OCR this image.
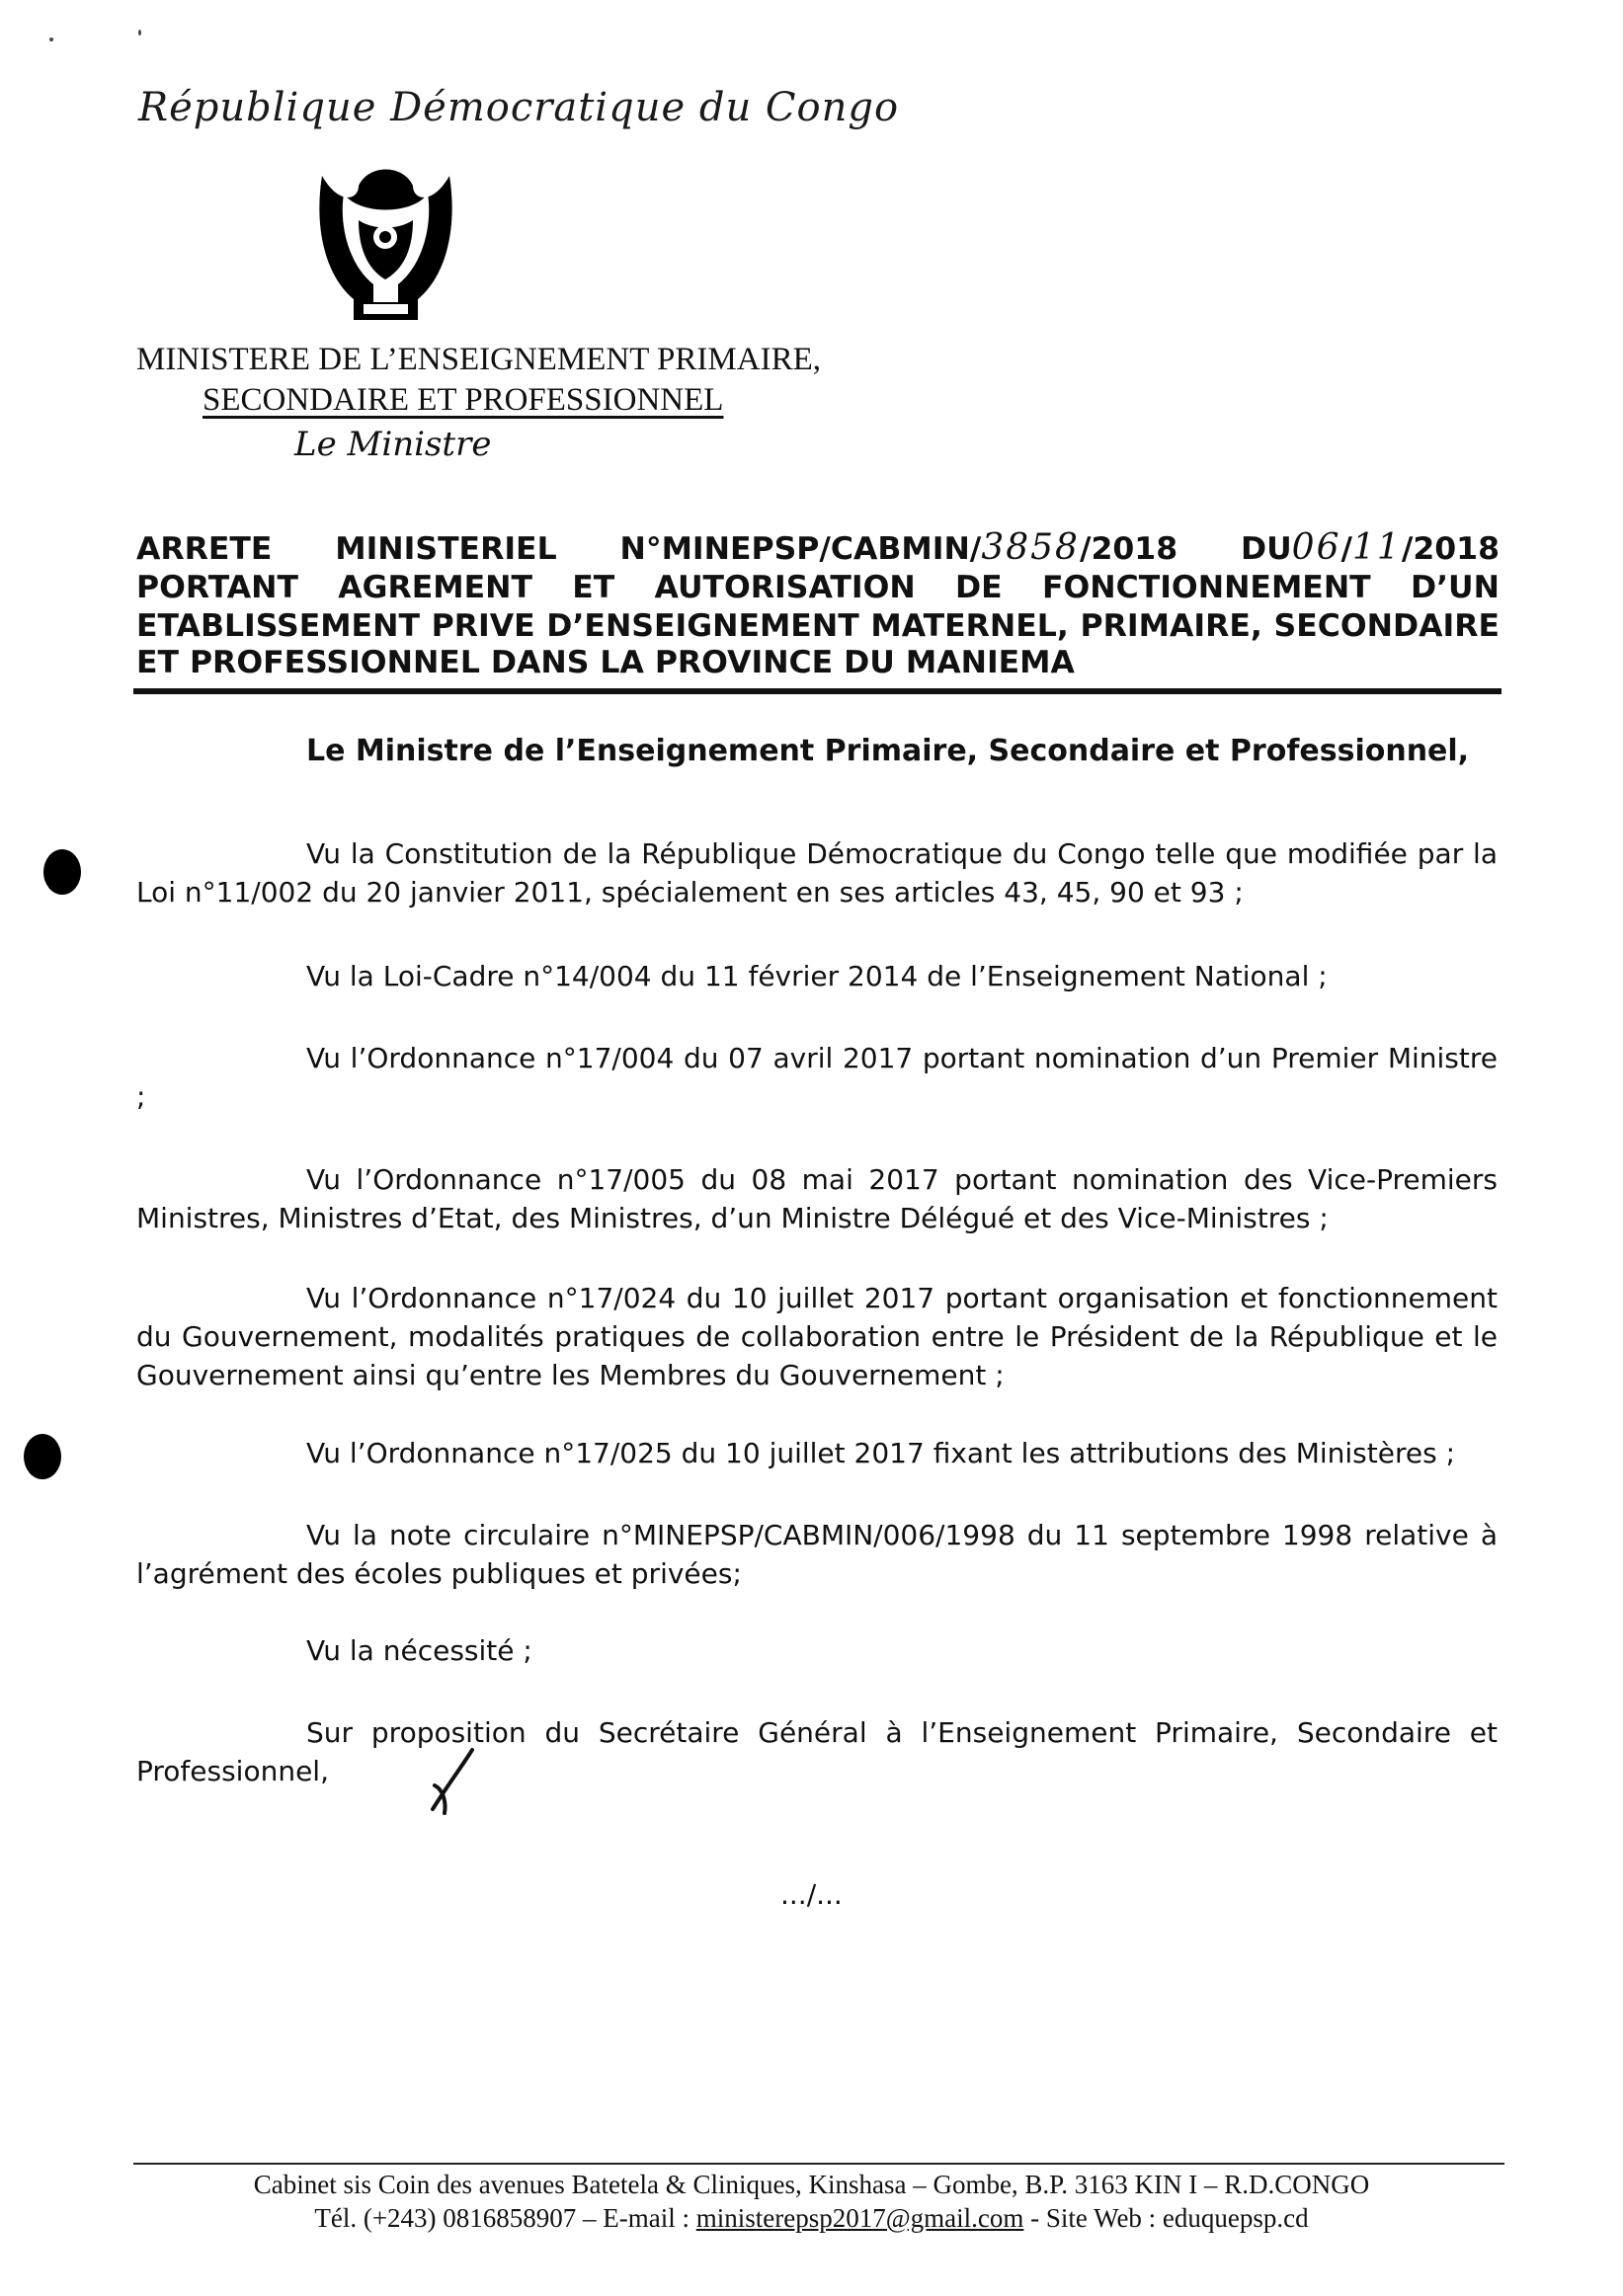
République Démocratique du Congo
MINISTERE DE L’ENSEIGNEMENT PRIMAIRE,
SECONDAIRE ET PROFESSIONNEL
Le Ministre
ARRETE MINISTERIEL N°MINEPSP/CABMIN/3858/2018 DU06/11/2018
PORTANT AGREMENT ET AUTORISATION DE FONCTIONNEMENT D’UN
ETABLISSEMENT PRIVE D’ENSEIGNEMENT MATERNEL, PRIMAIRE, SECONDAIRE
ET PROFESSIONNEL DANS LA PROVINCE DU MANIEMA
Le Ministre de l’Enseignement Primaire, Secondaire et Professionnel,
Vu la Constitution de la République Démocratique du Congo telle que modifiée par la Loi n°11/002 du 20 janvier 2011, spécialement en ses articles 43, 45, 90 et 93 ;
Vu la Loi-Cadre n°14/004 du 11 février 2014 de l’Enseignement National ;
Vu l’Ordonnance n°17/004 du 07 avril 2017 portant nomination d’un Premier Ministre ;
Vu l’Ordonnance n°17/005 du 08 mai 2017 portant nomination des Vice-Premiers Ministres, Ministres d’Etat, des Ministres, d’un Ministre Délégué et des Vice-Ministres ;
Vu l’Ordonnance n°17/024 du 10 juillet 2017 portant organisation et fonctionnement du Gouvernement, modalités pratiques de collaboration entre le Président de la République et le Gouvernement ainsi qu’entre les Membres du Gouvernement ;
Vu l’Ordonnance n°17/025 du 10 juillet 2017 fixant les attributions des Ministères ;
Vu la note circulaire n°MINEPSP/CABMIN/006/1998 du 11 septembre 1998 relative à l’agrément des écoles publiques et privées;
Vu la nécessité ;
Sur proposition du Secrétaire Général à l’Enseignement Primaire, Secondaire et Professionnel,
.../...
Cabinet sis Coin des avenues Batetela & Cliniques, Kinshasa – Gombe, B.P. 3163 KIN I – R.D.CONGO
Tél. (+243) 0816858907 – E-mail : ministerepsp2017@gmail.com - Site Web : eduquepsp.cd
